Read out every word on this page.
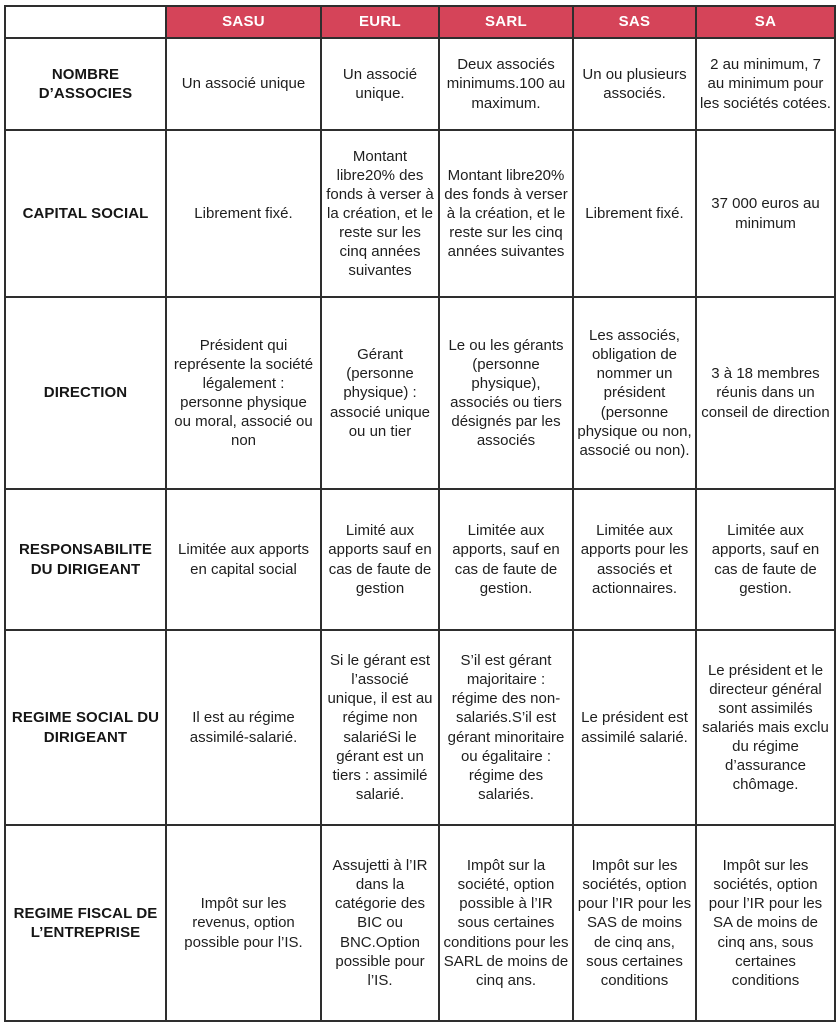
	SASU	EURL	SARL	SAS	SA
NOMBRE D’ASSOCIES	Un associé unique	Un associé unique.	Deux associés minimums.100 au maximum.	Un ou plusieurs associés.	2 au minimum, 7 au minimum pour les sociétés cotées.
CAPITAL SOCIAL	Librement fixé.	Montant libre20% des fonds à verser à la création, et le reste sur les cinq années suivantes	Montant libre20% des fonds à verser à la création, et le reste sur les cinq années suivantes	Librement fixé.	37 000 euros au minimum
DIRECTION	Président qui représente la société légalement : personne physique ou moral, associé ou non	Gérant (personne physique) : associé unique ou un tier	Le ou les gérants (personne physique), associés ou tiers désignés par les associés	Les associés, obligation de nommer un président (personne physique ou non, associé ou non).	3 à 18 membres réunis dans un conseil de direction
RESPONSABILITE DU DIRIGEANT	Limitée aux apports en capital social	Limité aux apports sauf en cas de faute de gestion	Limitée aux apports, sauf en cas de faute de gestion.	Limitée aux apports pour les associés et actionnaires.	Limitée aux apports, sauf en cas de faute de gestion.
REGIME SOCIAL DU DIRIGEANT	Il est au régime assimilé-salarié.	Si le gérant est l’associé unique, il est au régime non salariéSi le gérant est un tiers : assimilé salarié.	S’il est gérant majoritaire : régime des non-salariés.S’il est gérant minoritaire ou égalitaire : régime des salariés.	Le président est assimilé salarié.	Le président et le directeur général sont assimilés salariés mais exclu du régime d’assurance chômage.
REGIME FISCAL DE L’ENTREPRISE	Impôt sur les revenus, option possible pour l’IS.	Assujetti à l’IR dans la catégorie des BIC ou BNC.Option possible pour l’IS.	Impôt sur la société, option possible à l’IR sous certaines conditions pour les SARL de moins de cinq ans.	Impôt sur les sociétés, option pour l’IR pour les SAS de moins de cinq ans, sous certaines conditions	Impôt sur les sociétés, option pour l’IR pour les SA de moins de cinq ans, sous certaines conditions
